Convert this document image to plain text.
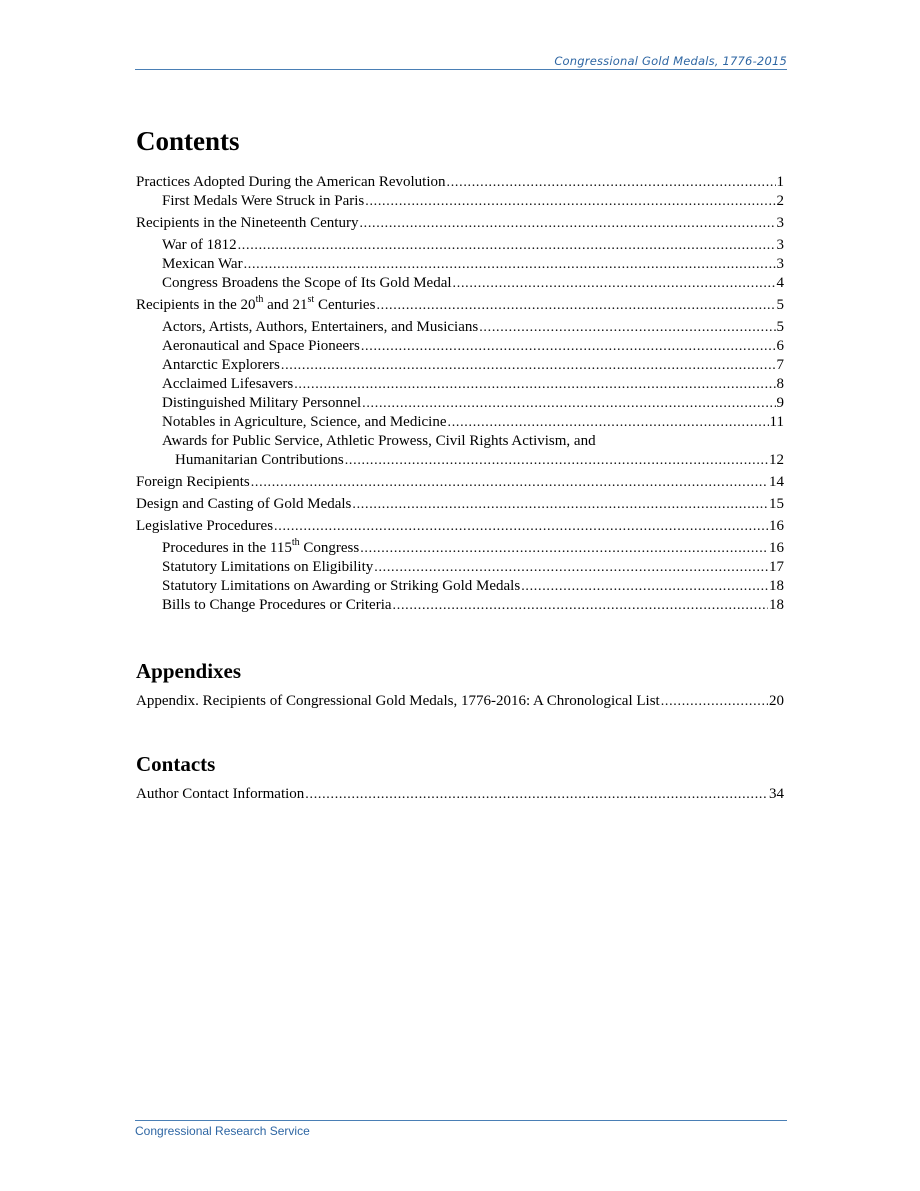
Congressional Gold Medals, 1776-2015
Contents
Practices Adopted During the American Revolution . . .	1
First Medals Were Struck in Paris . . .	2
Recipients in the Nineteenth Century . . .	3
War of 1812 . . .	3
Mexican War . . .	3
Congress Broadens the Scope of Its Gold Medal . . .	4
Recipients in the 20th and 21st Centuries . . .	5
Actors, Artists, Authors, Entertainers, and Musicians . . .	5
Aeronautical and Space Pioneers . . .	6
Antarctic Explorers . . .	7
Acclaimed Lifesavers . . .	8
Distinguished Military Personnel . . .	9
Notables in Agriculture, Science, and Medicine . . .	11
Awards for Public Service, Athletic Prowess, Civil Rights Activism, and
Humanitarian Contributions . . .	12
Foreign Recipients . . .	14
Design and Casting of Gold Medals . . .	15
Legislative Procedures . . .	16
Procedures in the 115th Congress . . .	16
Statutory Limitations on Eligibility . . .	17
Statutory Limitations on Awarding or Striking Gold Medals . . .	18
Bills to Change Procedures or Criteria . . .	18
Appendixes
Appendix. Recipients of Congressional Gold Medals, 1776-2016: A Chronological List . . .	20
Contacts
Author Contact Information . . .	34
Congressional Research Service
